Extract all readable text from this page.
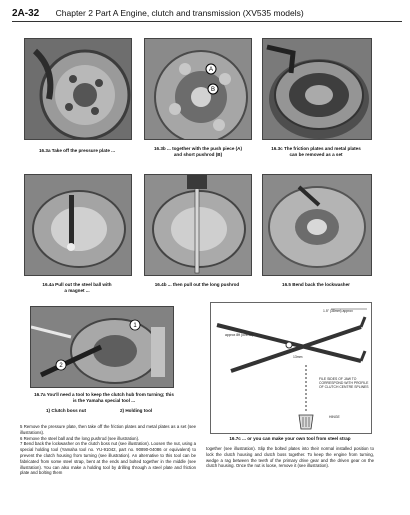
2A-32 Chapter 2 Part A Engine, clutch and transmission (XV535 models)
A
B
16.3a Take off the pressure plate ...	16.3b ... together with the push piece (A)
and short pushrod (B)
16.3c The friction plates and metal plates
can be removed as a set
16.4a Pull out the steel ball with
a magnet ...
16.4b ... then pull out the long pushrod	16.5 Bend back the lockwasher
1
2
16.7a You'll need a tool to keep the clutch hub from turning; this
is the Yamaha special tool ...
1) Clutch boss nut	2) Holding tool
1.5" (38mm) approx
approx 8ft (overall)
FILE SIDES OF JAW TO
CORRESPOND WITH PROFILE
OF CLUTCH CENTRE SPLINES
13mm
HINGE
16.7c ... or you can make your own tool from steel strap

5 Remove the pressure plate, then take off the friction plates and metal plates as a set (see illustrations).

6 Remove the steel ball and the long pushrod (see illustration).

7 Bend back the lockwasher on the clutch boss nut (see illustration). Loosen the nut, using a special holding tool (Yamaha tool no. YU-91042, part no. 90890-04086 or equivalent) to prevent the clutch housing from turning (see illustration). An alternative to this tool can be fabricated from some steel strap, bent at the ends and bolted together in the middle (see illustration). You can also make a holding tool by drilling through a steel plate and friction plate and bolting them

together (see illustration). Slip the bolted plates into their normal installed position to lock the clutch housing and clutch boss together. To keep the engine from turning, wedge a rag between the teeth of the primary drive gear and the driven gear on the clutch housing. Once the nut is loose, remove it (see illustration).
